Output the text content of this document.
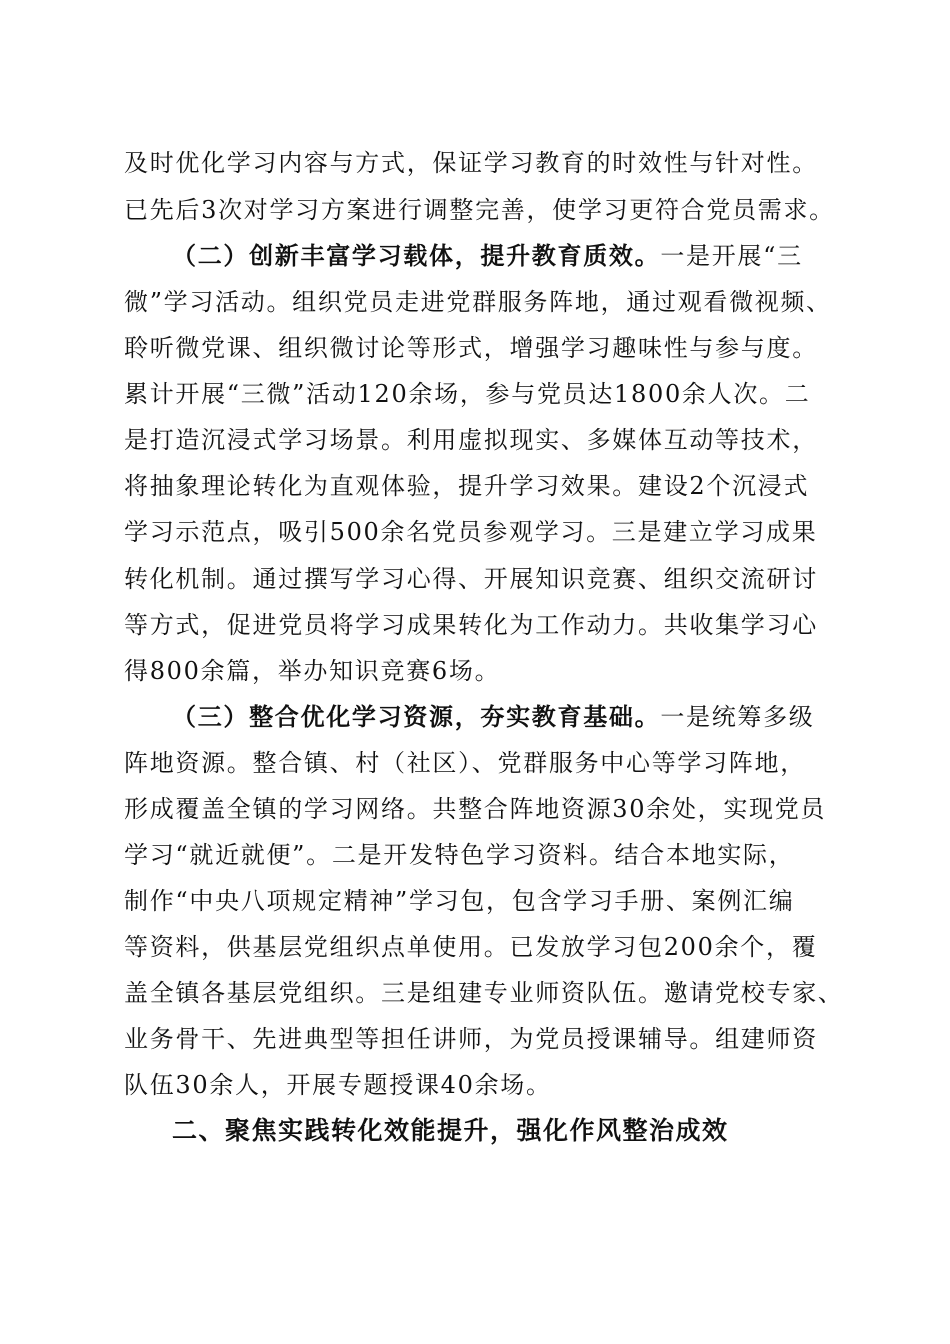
及时优化学习内容与方式，保证学习教育的时效性与针对性。
已先后3次对学习方案进行调整完善，使学习更符合党员需求。
（二）创新丰富学习载体，提升教育质效。一是开展“三
微”学习活动。组织党员走进党群服务阵地，通过观看微视频、
聆听微党课、组织微讨论等形式，增强学习趣味性与参与度。
累计开展“三微”活动120余场，参与党员达1800余人次。二
是打造沉浸式学习场景。利用虚拟现实、多媒体互动等技术，
将抽象理论转化为直观体验，提升学习效果。建设2个沉浸式
学习示范点，吸引500余名党员参观学习。三是建立学习成果
转化机制。通过撰写学习心得、开展知识竞赛、组织交流研讨
等方式，促进党员将学习成果转化为工作动力。共收集学习心
得800余篇，举办知识竞赛6场。
（三）整合优化学习资源，夯实教育基础。一是统筹多级
阵地资源。整合镇、村（社区）、党群服务中心等学习阵地，
形成覆盖全镇的学习网络。共整合阵地资源30余处，实现党员
学习“就近就便”。二是开发特色学习资料。结合本地实际，
制作“中央八项规定精神”学习包，包含学习手册、案例汇编
等资料，供基层党组织点单使用。已发放学习包200余个，覆
盖全镇各基层党组织。三是组建专业师资队伍。邀请党校专家、
业务骨干、先进典型等担任讲师，为党员授课辅导。组建师资
队伍30余人，开展专题授课40余场。
二、聚焦实践转化效能提升，强化作风整治成效
